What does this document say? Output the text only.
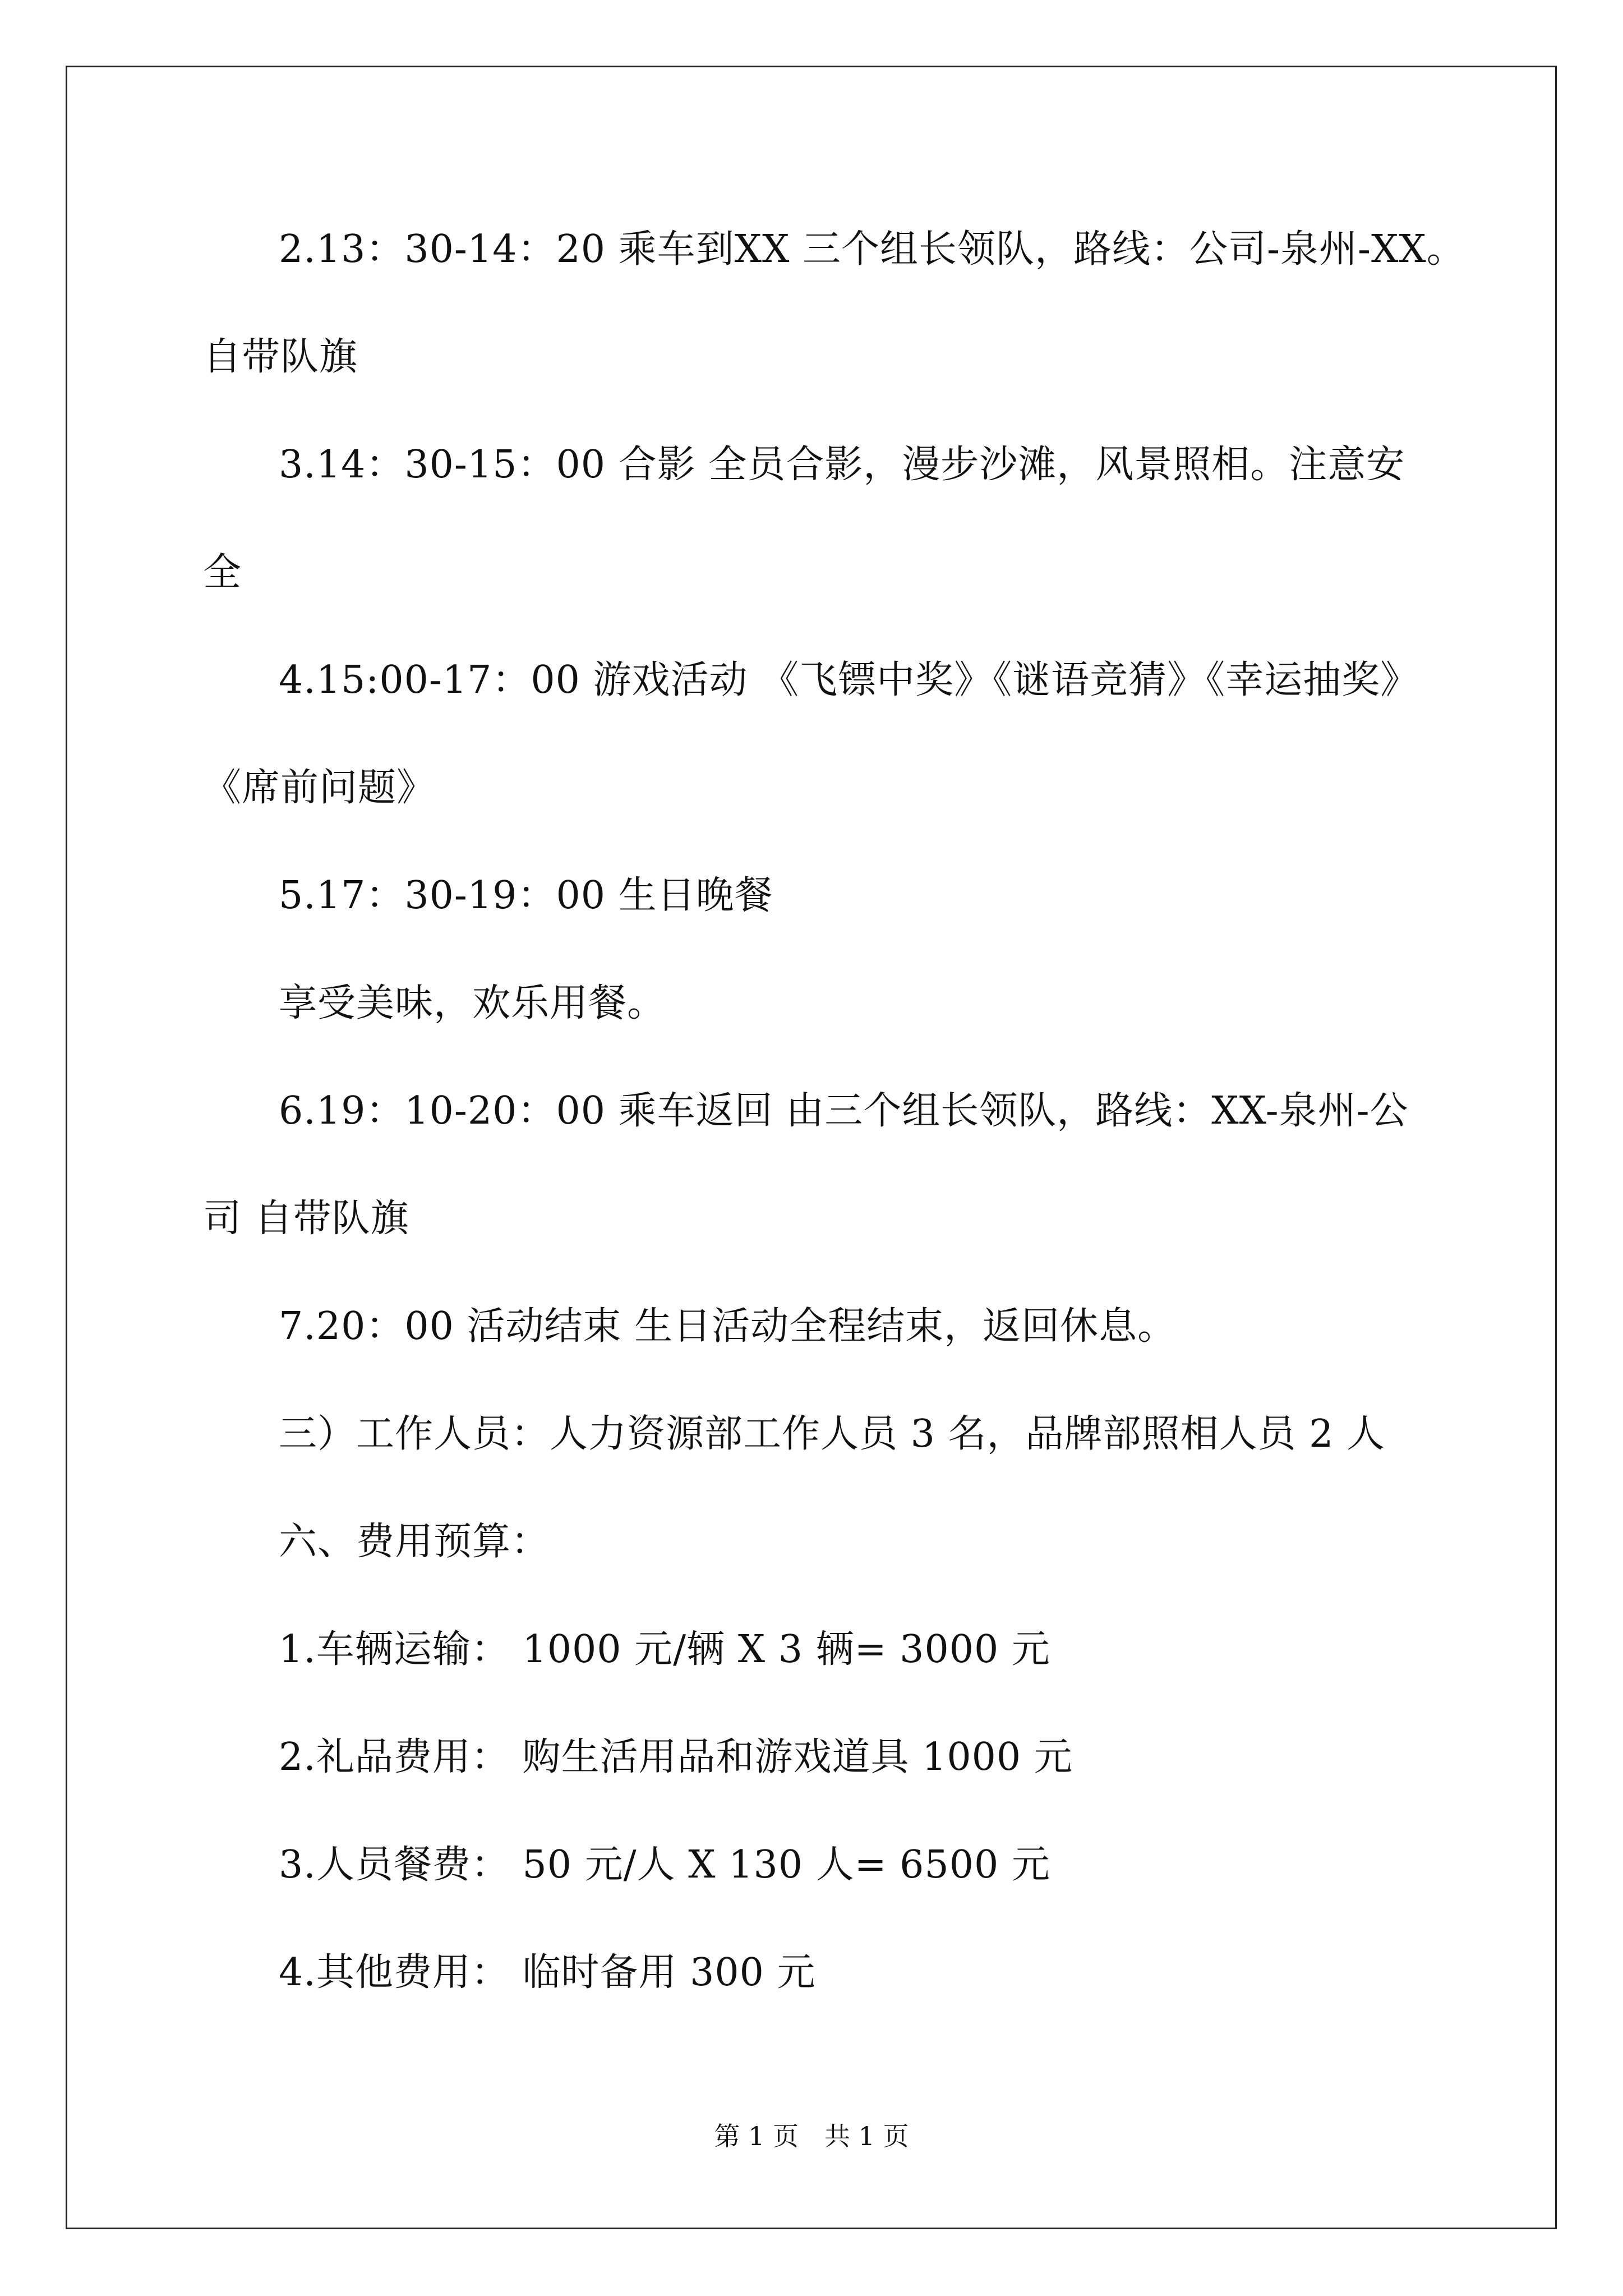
2.13：30-14：20 乘车到XX 三个组长领队，路线：公司-泉州-XX。
自带队旗
3.14：30-15：00 合影 全员合影，漫步沙滩，风景照相。注意安
全
4.15:00-17：00 游戏活动 《飞镖中奖》《谜语竞猜》《幸运抽奖》
《席前问题》
5.17：30-19：00 生日晚餐
享受美味，欢乐用餐。
6.19：10-20：00 乘车返回 由三个组长领队，路线：XX-泉州-公
司 自带队旗
7.20：00 活动结束 生日活动全程结束，返回休息。
三）工作人员：人力资源部工作人员 3 名，品牌部照相人员 2 人
六、费用预算：
1.车辆运输： 1000 元/辆 X 3 辆= 3000 元
2.礼品费用： 购生活用品和游戏道具 1000 元
3.人员餐费： 50 元/人 X 130 人= 6500 元
4.其他费用： 临时备用 300 元
第 1 页　共 1 页
